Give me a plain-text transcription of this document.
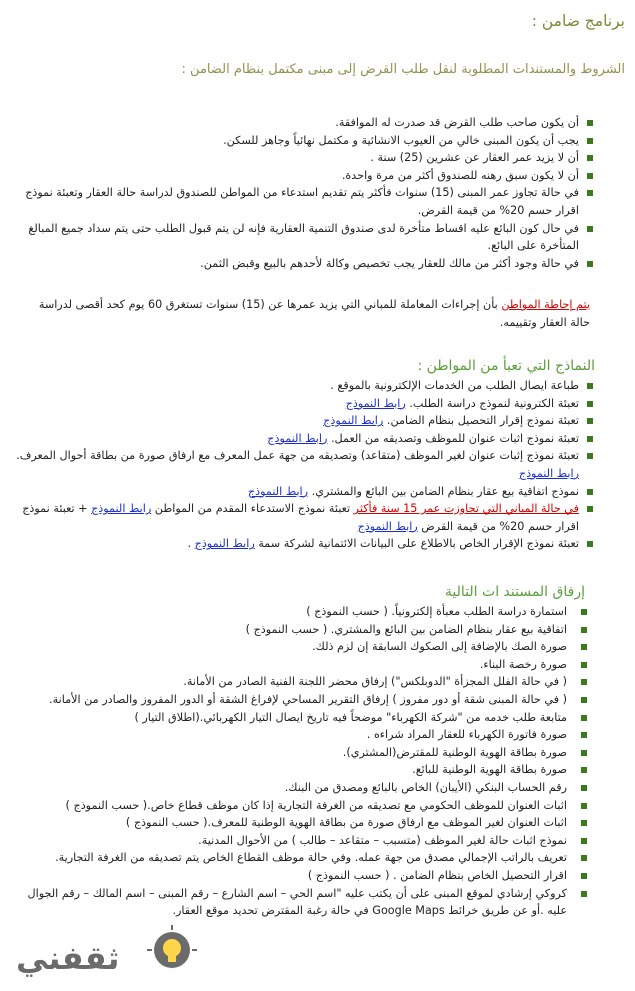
برنامج ضامن :
الشروط والمستندات المطلوبة لنقل طلب القرض إلى مبنى مكتمل بنظام الضامن :
أن يكون صاحب طلب القرض قد صدرت له الموافقة.
يجب أن يكون المبنى خالي من العيوب الانشائية و مكتمل نهائياً وجاهز للسكن.
أن لا يزيد عمر العقار عن عشرين (25) سنة .
أن لا يكون سبق رهنه للصندوق أكثر من مرة واحدة.
في حالة تجاوز عمر المبنى (15) سنوات فأكثر يتم تقديم استدعاء من المواطن للصندوق لدراسة حالة العقار وتعبئة نموذج اقرار حسم 20% من قيمة القرض.
في حال كون البائع عليه اقساط متأخرة لدى صندوق التنمية العقارية فإنه لن يتم قبول الطلب حتى يتم سداد جميع المبالغ المتأخرة على البائع.
في حالة وجود أكثر من مالك للعقار يجب تخصيص وكالة لأحدهم بالبيع وقبض الثمن.
يتم إحاطة المواطن بأن إجراءات المعاملة للمباني التي يزيد عمرها عن (15) سنوات تستغرق 60 يوم كحد أقصى لدراسة حالة العقار وتقييمه.
النماذج التي تعبأ من المواطن :
طباعة ايصال الطلب من الخدمات الإلكترونية بالموقع .
تعبئة الكترونية لنموذج دراسة الطلب. رابط النموذج
تعبئة نموذج إقرار التحصيل بنظام الضامن. رابط النموذج
تعبئة نموذج اثبات عنوان للموظف وتصديقه من العمل. رابط النموذج
تعبئة نموذج إثبات عنوان لغير الموظف (متقاعد) وتصديقه من جهة عمل المعرف مع ارفاق صورة من بطاقة أحوال المعرف. رابط النموذج
نموذج اتفاقية بيع عقار بنظام الضامن بين البائع والمشتري. رابط النموذج
في حالة المباني التي تجاوزت عمر 15 سنة فأكثر تعبئة نموذج الاستدعاء المقدم من المواطن رابط النموذج + تعبئة نموذج اقرار حسم 20% من قيمة القرض رابط النموذج
تعبئة نموذج الإقرار الخاص بالاطلاع على البيانات الائتمانية لشركة سمة رابط النموذج .
إرفاق المستند ات التالية
استمارة دراسة الطلب معبأة إلكترونياً. ( حسب النموذج )
اتفاقية بيع عقار بنظام الضامن بين البائع والمشتري. ( حسب النموذج )
صورة الصك بالإضافة إلى الصكوك السابقة إن لزم ذلك.
صورة رخصة البناء.
( في حالة الفلل المجزأة "الدوبلكس") إرفاق محضر اللجنة الفنية الصادر من الأمانة.
( في حالة المبنى شقة أو دور مفروز ) إرفاق التقرير المساحي لإفراغ الشقة أو الدور المفروز والصادر من الأمانة.
متابعة طلب خدمه من "شركة الكهرباء" موضحاً فيه تاريخ ايصال التيار الكهربائي.(اطلاق التيار )
صورة فاتورة الكهرباء للعقار المراد شراءه .
صورة بطاقة الهوية الوطنية للمقترض(المشتري).
صورة بطاقة الهوية الوطنية للبائع.
رقم الحساب البنكي (الأيبان) الخاص بالبائع ومصدق من البنك.
اثبات العنوان للموظف الحكومي مع تصديقه من الغرفة التجارية إذا كان موظف قطاع خاص.( حسب النموذج )
اثبات العنوان لغير الموظف مع ارفاق صورة من بطاقة الهوية الوطنية للمعرف.( حسب النموذج )
نموذج اثبات حالة لغير الموظف (متسبب – متقاعد – طالب ) من الأحوال المدنية.
تعريف بالراتب الإجمالي مصدق من جهة عمله. وفي حالة موظف القطاع الخاص يتم تصديقه من الغرفة التجارية.
اقرار التحصيل الخاص بنظام الضامن . ( حسب النموذج )
كروكي إرشادي لموقع المبنى على أن يكتب عليه "اسم الحي – اسم الشارع – رقم المبنى – اسم المالك – رقم الجوال عليه .أو عن طريق خرائط Google Maps في حالة رغبة المقترض تحديد موقع العقار.
ثقفني
